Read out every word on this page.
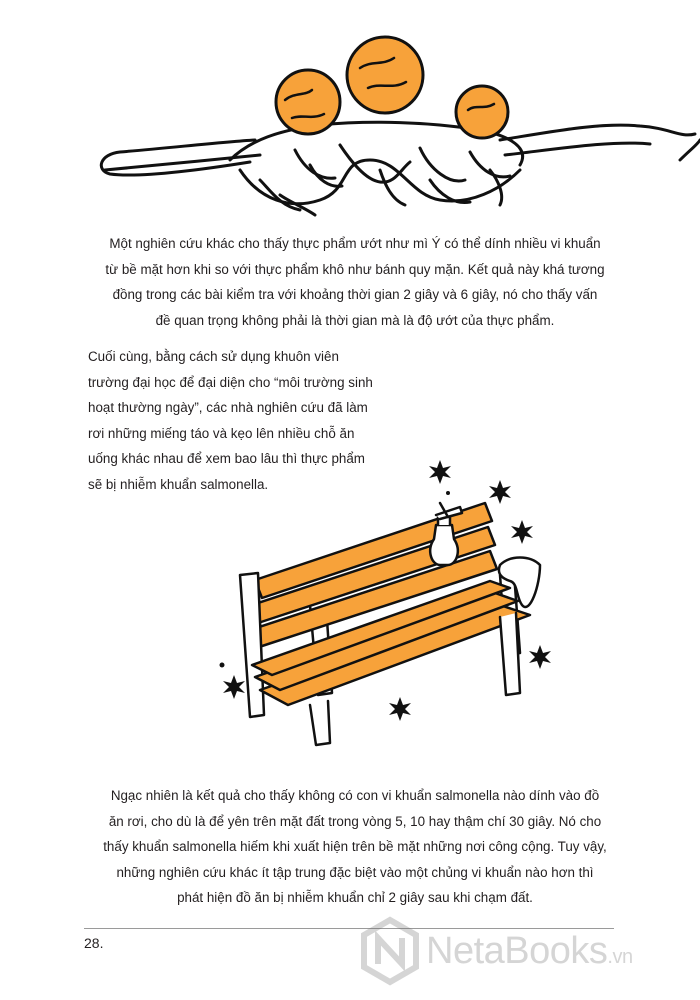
Một nghiên cứu khác cho thấy thực phẩm ướt như mì Ý có thể dính nhiều vi khuẩn
từ bề mặt hơn khi so với thực phẩm khô như bánh quy mặn. Kết quả này khá tương
đồng trong các bài kiểm tra với khoảng thời gian 2 giây và 6 giây, nó cho thấy vấn
đề quan trọng không phải là thời gian mà là độ ướt của thực phẩm.

Cuối cùng, bằng cách sử dụng khuôn viên
trường đại học để đại diện cho “môi trường sinh
hoạt thường ngày”, các nhà nghiên cứu đã làm
rơi những miếng táo và kẹo lên nhiều chỗ ăn
uống khác nhau để xem bao lâu thì thực phẩm
sẽ bị nhiễm khuẩn salmonella.

Ngạc nhiên là kết quả cho thấy không có con vi khuẩn salmonella nào dính vào đồ
ăn rơi, cho dù là để yên trên mặt đất trong vòng 5, 10 hay thậm chí 30 giây. Nó cho
thấy khuẩn salmonella hiếm khi xuất hiện trên bề mặt những nơi công cộng. Tuy vậy,
những nghiên cứu khác ít tập trung đặc biệt vào một chủng vi khuẩn nào hơn thì
phát hiện đồ ăn bị nhiễm khuẩn chỉ 2 giây sau khi chạm đất.

28.	NetaBooks.vn
